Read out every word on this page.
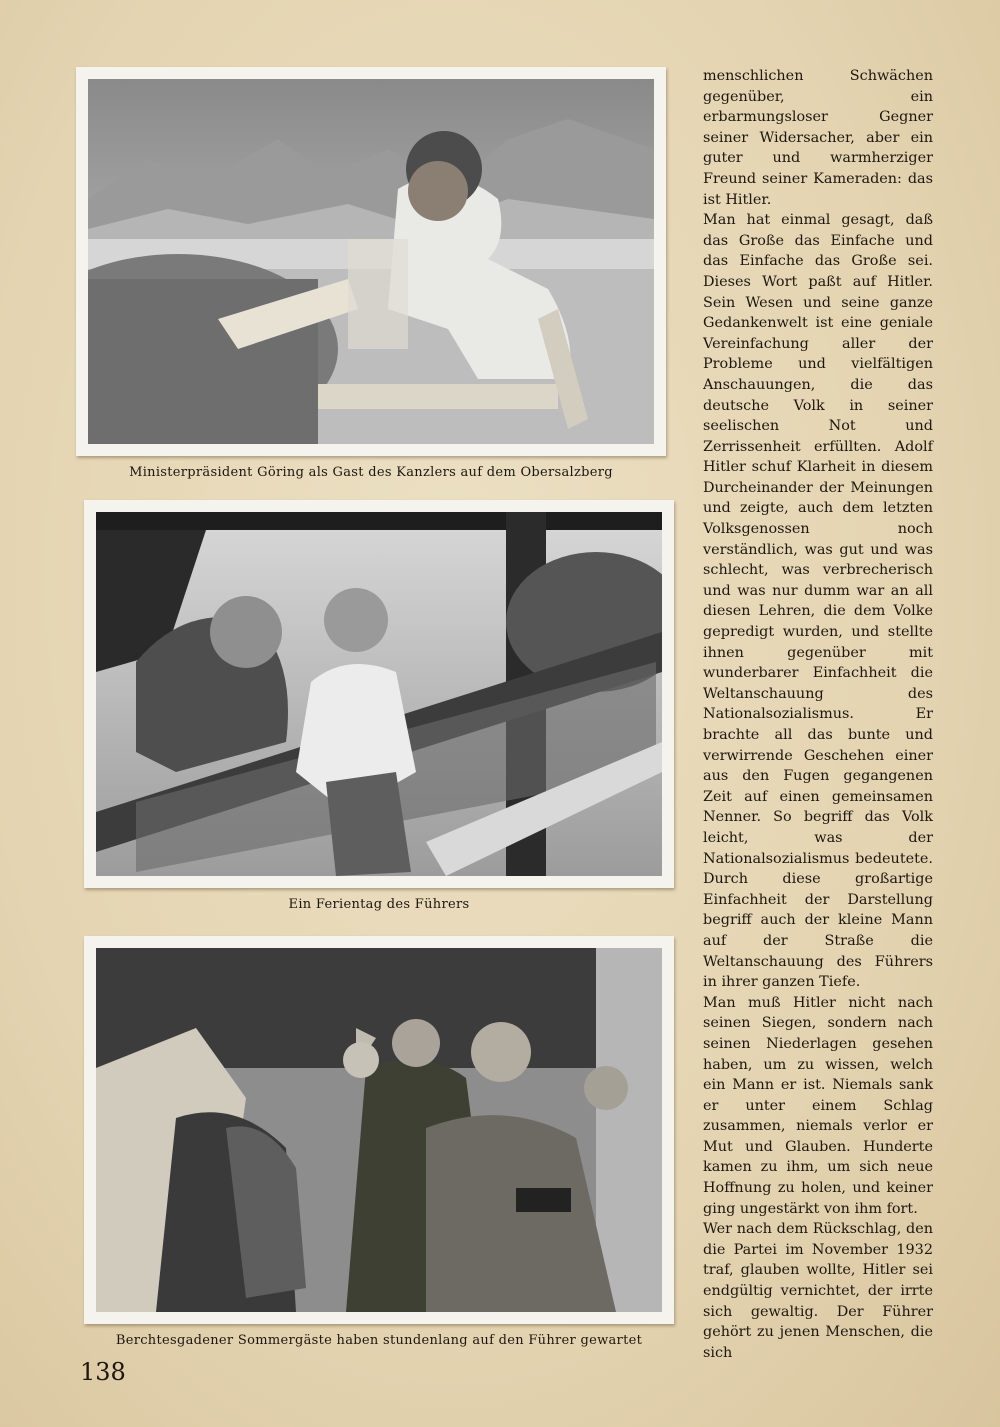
Ministerpräsident Göring als Gast des Kanzlers auf dem Obersalzberg
Ein Ferientag des Führers
Berchtesgadener Sommergäste haben stundenlang auf den Führer gewartet

menschlichen Schwächen gegenüber, ein erbarmungsloser Gegner seiner Widersacher, aber ein guter und warmherziger Freund seiner Kameraden: das ist Hitler.

Man hat einmal gesagt, daß das Große das Einfache und das Einfache das Große sei. Dieses Wort paßt auf Hitler. Sein Wesen und seine ganze Gedankenwelt ist eine geniale Vereinfachung aller der Probleme und vielfältigen Anschauungen, die das deutsche Volk in seiner seelischen Not und Zerrissenheit erfüllten. Adolf Hitler schuf Klarheit in diesem Durcheinander der Meinungen und zeigte, auch dem letzten Volksgenossen noch verständlich, was gut und was schlecht, was verbrecherisch und was nur dumm war an all diesen Lehren, die dem Volke gepredigt wurden, und stellte ihnen gegenüber mit wunderbarer Einfachheit die Weltanschauung des Nationalsozialismus. Er brachte all das bunte und verwirrende Geschehen einer aus den Fugen gegangenen Zeit auf einen gemeinsamen Nenner. So begriff das Volk leicht, was der Nationalsozialismus bedeutete. Durch diese großartige Einfachheit der Darstellung begriff auch der kleine Mann auf der Straße die Weltanschauung des Führers in ihrer ganzen Tiefe.

Man muß Hitler nicht nach seinen Siegen, sondern nach seinen Niederlagen gesehen haben, um zu wissen, welch ein Mann er ist. Niemals sank er unter einem Schlag zusammen, niemals verlor er Mut und Glauben. Hunderte kamen zu ihm, um sich neue Hoffnung zu holen, und keiner ging ungestärkt von ihm fort.

Wer nach dem Rückschlag, den die Partei im November 1932 traf, glauben wollte, Hitler sei endgültig vernichtet, der irrte sich gewaltig. Der Führer gehört zu jenen Menschen, die sich

138
